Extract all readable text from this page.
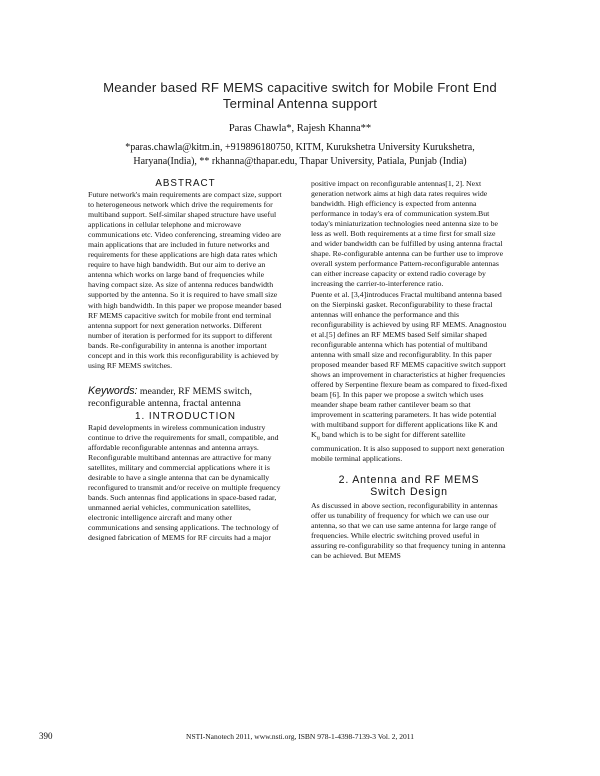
Meander based RF MEMS capacitive switch for Mobile Front End
Terminal Antenna support
Paras Chawla*, Rajesh Khanna**
*paras.chawla@kitm.in, +919896180750, KITM, Kurukshetra University Kurukshetra,
Haryana(India), ** rkhanna@thapar.edu, Thapar University, Patiala, Punjab (India)

ABSTRACT

Future network's main requirements are compact size, support to heterogeneous network which drive the requirements for multiband support. Self-similar shaped structure have useful applications in cellular telephone and microwave communications etc. Video conferencing, streaming video are main applications that are included in future networks and requirements for these applications are high data rates which require to have high bandwidth. But our aim to derive an antenna which works on large band of frequencies while having compact size. As size of antenna reduces bandwidth supported by the antenna. So it is required to have small size with high bandwidth. In this paper we propose meander based RF MEMS capacitive switch for mobile front end terminal antenna support for next generation networks. Different number of iteration is performed for its support to different bands. Re-configurability in antenna is another important concept and in this work this reconfigurability is achieved by using RF MEMS switches.

Keywords: meander, RF MEMS switch, reconfigurable antenna, fractal antenna

1. INTRODUCTION

Rapid developments in wireless communication industry continue to drive the requirements for small, compatible, and affordable reconfigurable antennas and antenna arrays. Reconfigurable multiband antennas are attractive for many satellites, military and commercial applications where it is desirable to have a single antenna that can be dynamically reconfigured to transmit and/or receive on multiple frequency bands. Such antennas find applications in space-based radar, unmanned aerial vehicles, communication satellites, electronic intelligence aircraft and many other communications and sensing applications. The technology of designed fabrication of MEMS for RF circuits had a major

positive impact on reconfigurable antennas[1, 2]. Next generation network aims at high data rates requires wide bandwidth. High efficiency is expected from antenna performance in today's era of communication system.But today's miniaturization technologies need antenna size to be less as well. Both requirements at a time first for small size and wider bandwidth can be fulfilled by using antenna fractal shape. Re-configurable antenna can be further use to improve overall system performance Pattern-reconfigurable antennas can either increase capacity or extend radio coverage by increasing the carrier-to-interference ratio.

Puente et al. [3,4]introduces Fractal multiband antenna based on the Sierpinski gasket. Reconfigurability to these fractal antennas will enhance the performance and this reconfigurability is achieved by using RF MEMS. Anagnostou et al.[5] defines an RF MEMS based Self similar shaped reconfigurable antenna which has potential of multiband antenna with small size and reconfigurablity. In this paper proposed meander based RF MEMS capacitive switch support shows an improvement in characteristics at higher frequencies offered by Serpentine flexure beam as compared to fixed-fixed beam [6]. In this paper we propose a switch which uses meander shape beam rather cantilever beam so that improvement in scattering parameters. It has wide potential with multiband support for different applications like K and $K_u$ band which is to be sight for different satellite communication. It is also supposed to support next generation mobile terminal applications.

2. Antenna and RF MEMS
Switch Design

As discussed in above section, reconfigurability in antennas offer us tunability of frequency for which we can use our antenna, so that we can use same antenna for large range of frequencies. While electric switching proved useful in assuring re-configurability so that frequency tuning in antenna can be achieved. But MEMS

390	NSTI-Nanotech 2011, www.nsti.org, ISBN 978-1-4398-7139-3 Vol. 2, 2011
